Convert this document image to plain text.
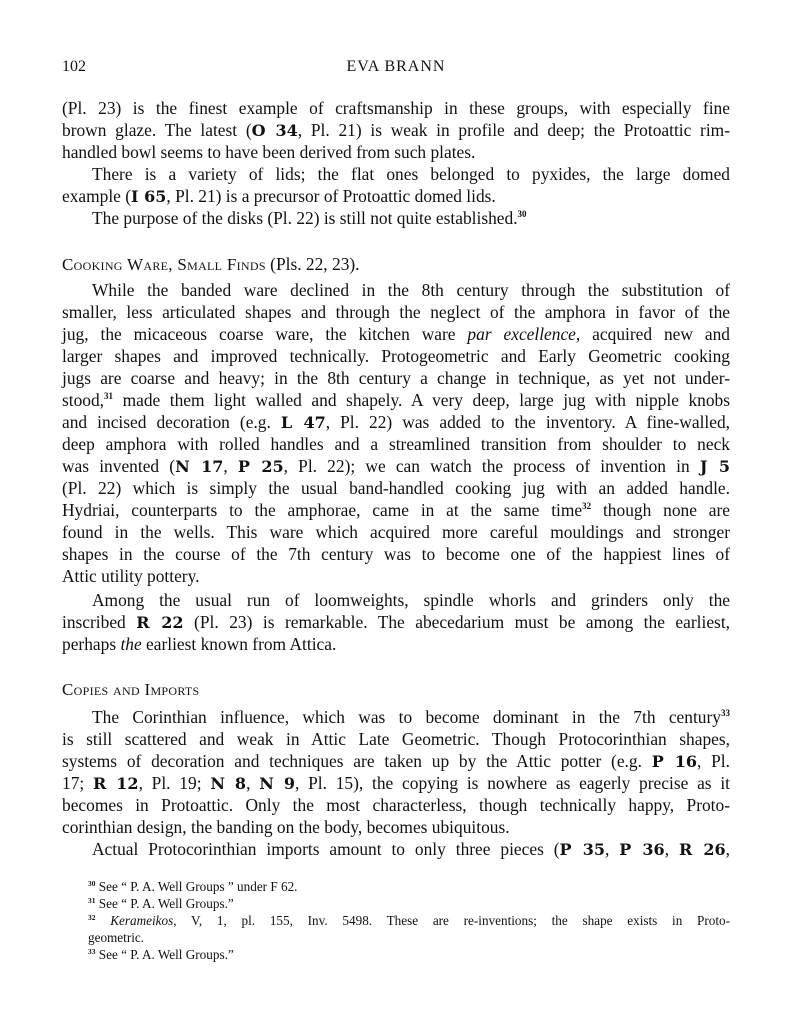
102	EVA BRANN
(Pl. 23) is the finest example of craftsmanship in these groups, with especially fine
brown glaze. The latest (O 34, Pl. 21) is weak in profile and deep; the Protoattic rim-
handled bowl seems to have been derived from such plates.
There is a variety of lids; the flat ones belonged to pyxides, the large domed
example (I 65, Pl. 21) is a precursor of Protoattic domed lids.
The purpose of the disks (Pl. 22) is still not quite established.$^{30}$
Cooking Ware, Small Finds (Pls. 22, 23).
While the banded ware declined in the 8th century through the substitution of
smaller, less articulated shapes and through the neglect of the amphora in favor of the
jug, the micaceous coarse ware, the kitchen ware par excellence, acquired new and
larger shapes and improved technically. Protogeometric and Early Geometric cooking
jugs are coarse and heavy; in the 8th century a change in technique, as yet not under-
stood,$^{31}$ made them light walled and shapely. A very deep, large jug with nipple knobs
and incised decoration (e.g. L 47, Pl. 22) was added to the inventory. A fine-walled,
deep amphora with rolled handles and a streamlined transition from shoulder to neck
was invented (N 17, P 25, Pl. 22); we can watch the process of invention in J 5
(Pl. 22) which is simply the usual band-handled cooking jug with an added handle.
Hydriai, counterparts to the amphorae, came in at the same time$^{32}$ though none are
found in the wells. This ware which acquired more careful mouldings and stronger
shapes in the course of the 7th century was to become one of the happiest lines of
Attic utility pottery.
Among the usual run of loomweights, spindle whorls and grinders only the
inscribed R 22 (Pl. 23) is remarkable. The abecedarium must be among the earliest,
perhaps the earliest known from Attica.
Copies and Imports
The Corinthian influence, which was to become dominant in the 7th century$^{33}$
is still scattered and weak in Attic Late Geometric. Though Protocorinthian shapes,
systems of decoration and techniques are taken up by the Attic potter (e.g. P 16, Pl.
17; R 12, Pl. 19; N 8, N 9, Pl. 15), the copying is nowhere as eagerly precise as it
becomes in Protoattic. Only the most characterless, though technically happy, Proto-
corinthian design, the banding on the body, becomes ubiquitous.
Actual Protocorinthian imports amount to only three pieces (P 35, P 36, R 26,
$^{30}$ See “ P. A. Well Groups ” under F 62.
$^{31}$ See “ P. A. Well Groups.”
$^{32}$ Kerameikos, V, 1, pl. 155, Inv. 5498. These are re-inventions; the shape exists in Proto-
geometric.
$^{33}$ See “ P. A. Well Groups.”
